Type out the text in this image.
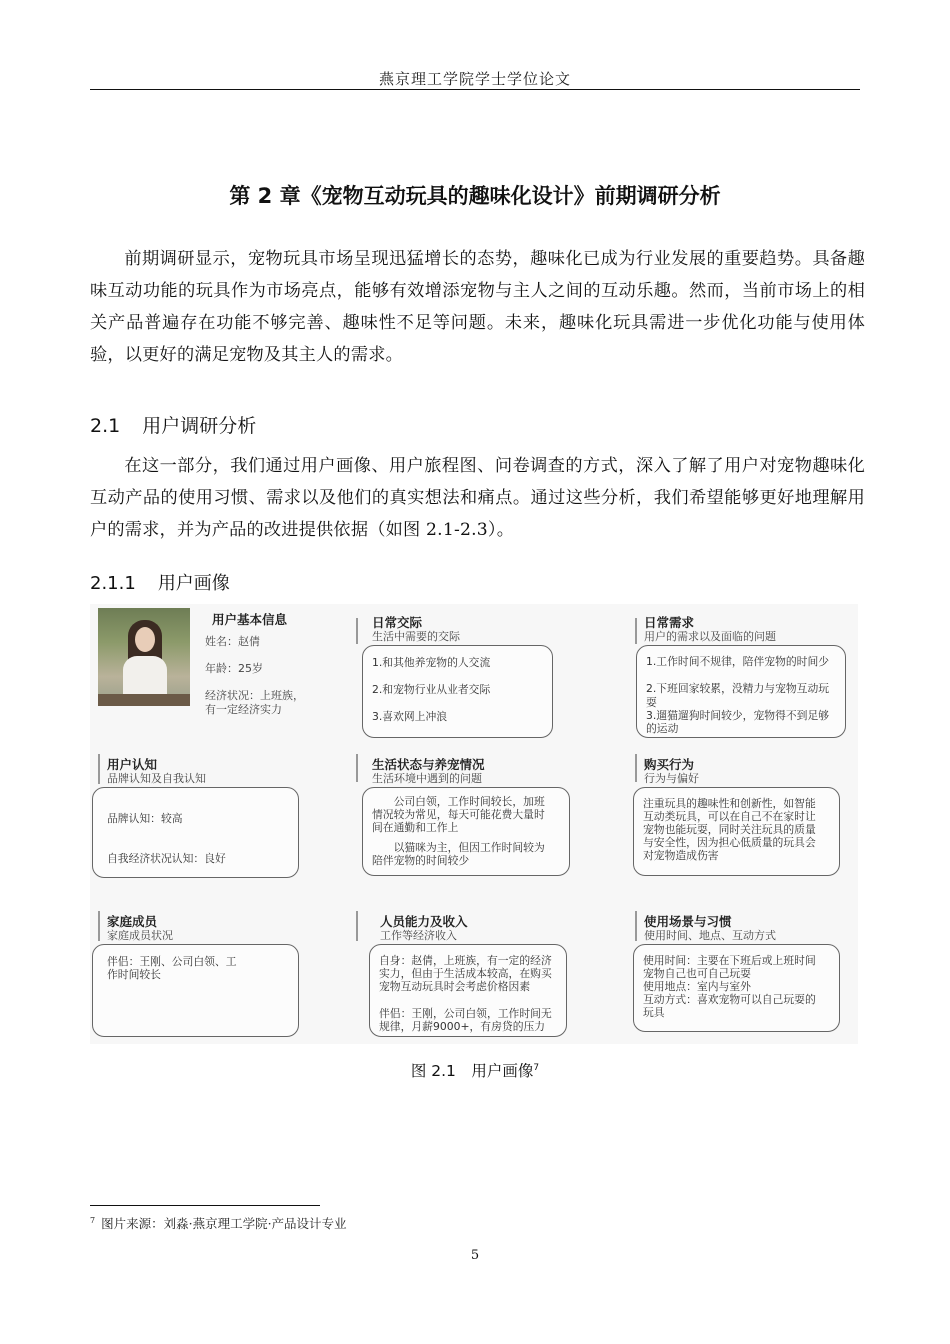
燕京理工学院学士学位论文
第 2 章《宠物互动玩具的趣味化设计》前期调研分析
前期调研显示，宠物玩具市场呈现迅猛增长的态势，趣味化已成为行业发展的重要趋势。具备趣味互动功能的玩具作为市场亮点，能够有效增添宠物与主人之间的互动乐趣。然而，当前市场上的相关产品普遍存在功能不够完善、趣味性不足等问题。未来，趣味化玩具需进一步优化功能与使用体验，以更好的满足宠物及其主人的需求。
2.1 用户调研分析
在这一部分，我们通过用户画像、用户旅程图、问卷调查的方式，深入了解了用户对宠物趣味化互动产品的使用习惯、需求以及他们的真实想法和痛点。通过这些分析，我们希望能够更好地理解用户的需求，并为产品的改进提供依据（如图 2.1-2.3）。
2.1.1 用户画像
用户基本信息
姓名：赵倩
年龄：25岁
经济状况：上班族，
有一定经济实力
日常交际
生活中需要的交际
1.和其他养宠物的人交流
2.和宠物行业从业者交际
3.喜欢网上冲浪
日常需求
用户的需求以及面临的问题
1.工作时间不规律，陪伴宠物的时间少
2.下班回家较累，没精力与宠物互动玩耍
3.遛猫遛狗时间较少，宠物得不到足够
的运动
用户认知
品牌认知及自我认知
品牌认知：较高
自我经济状况认知：良好
生活状态与养宠情况
生活环境中遇到的问题
　　公司白领，工作时间较长，加班
情况较为常见，每天可能花费大量时
间在通勤和工作上
　　以猫咪为主，但因工作时间较为
陪伴宠物的时间较少
购买行为
行为与偏好
注重玩具的趣味性和创新性，如智能
互动类玩具，可以在自己不在家时让
宠物也能玩耍，同时关注玩具的质量
与安全性，因为担心低质量的玩具会
对宠物造成伤害
家庭成员
家庭成员状况
伴侣：王刚、公司白领、工
作时间较长
人员能力及收入
工作等经济收入
自身：赵倩，上班族，有一定的经济
实力，但由于生活成本较高，在购买
宠物互动玩具时会考虑价格因素
伴侣：王刚，公司白领，工作时间无
规律，月薪9000+，有房贷的压力
使用场景与习惯
使用时间、地点、互动方式
使用时间：主要在下班后或上班时间
宠物自己也可自己玩耍
使用地点：室内与室外
互动方式：喜欢宠物可以自己玩耍的
玩具
图 2.1　用户画像$^7$
$^7$ 图片来源：刘淼·燕京理工学院·产品设计专业
5
